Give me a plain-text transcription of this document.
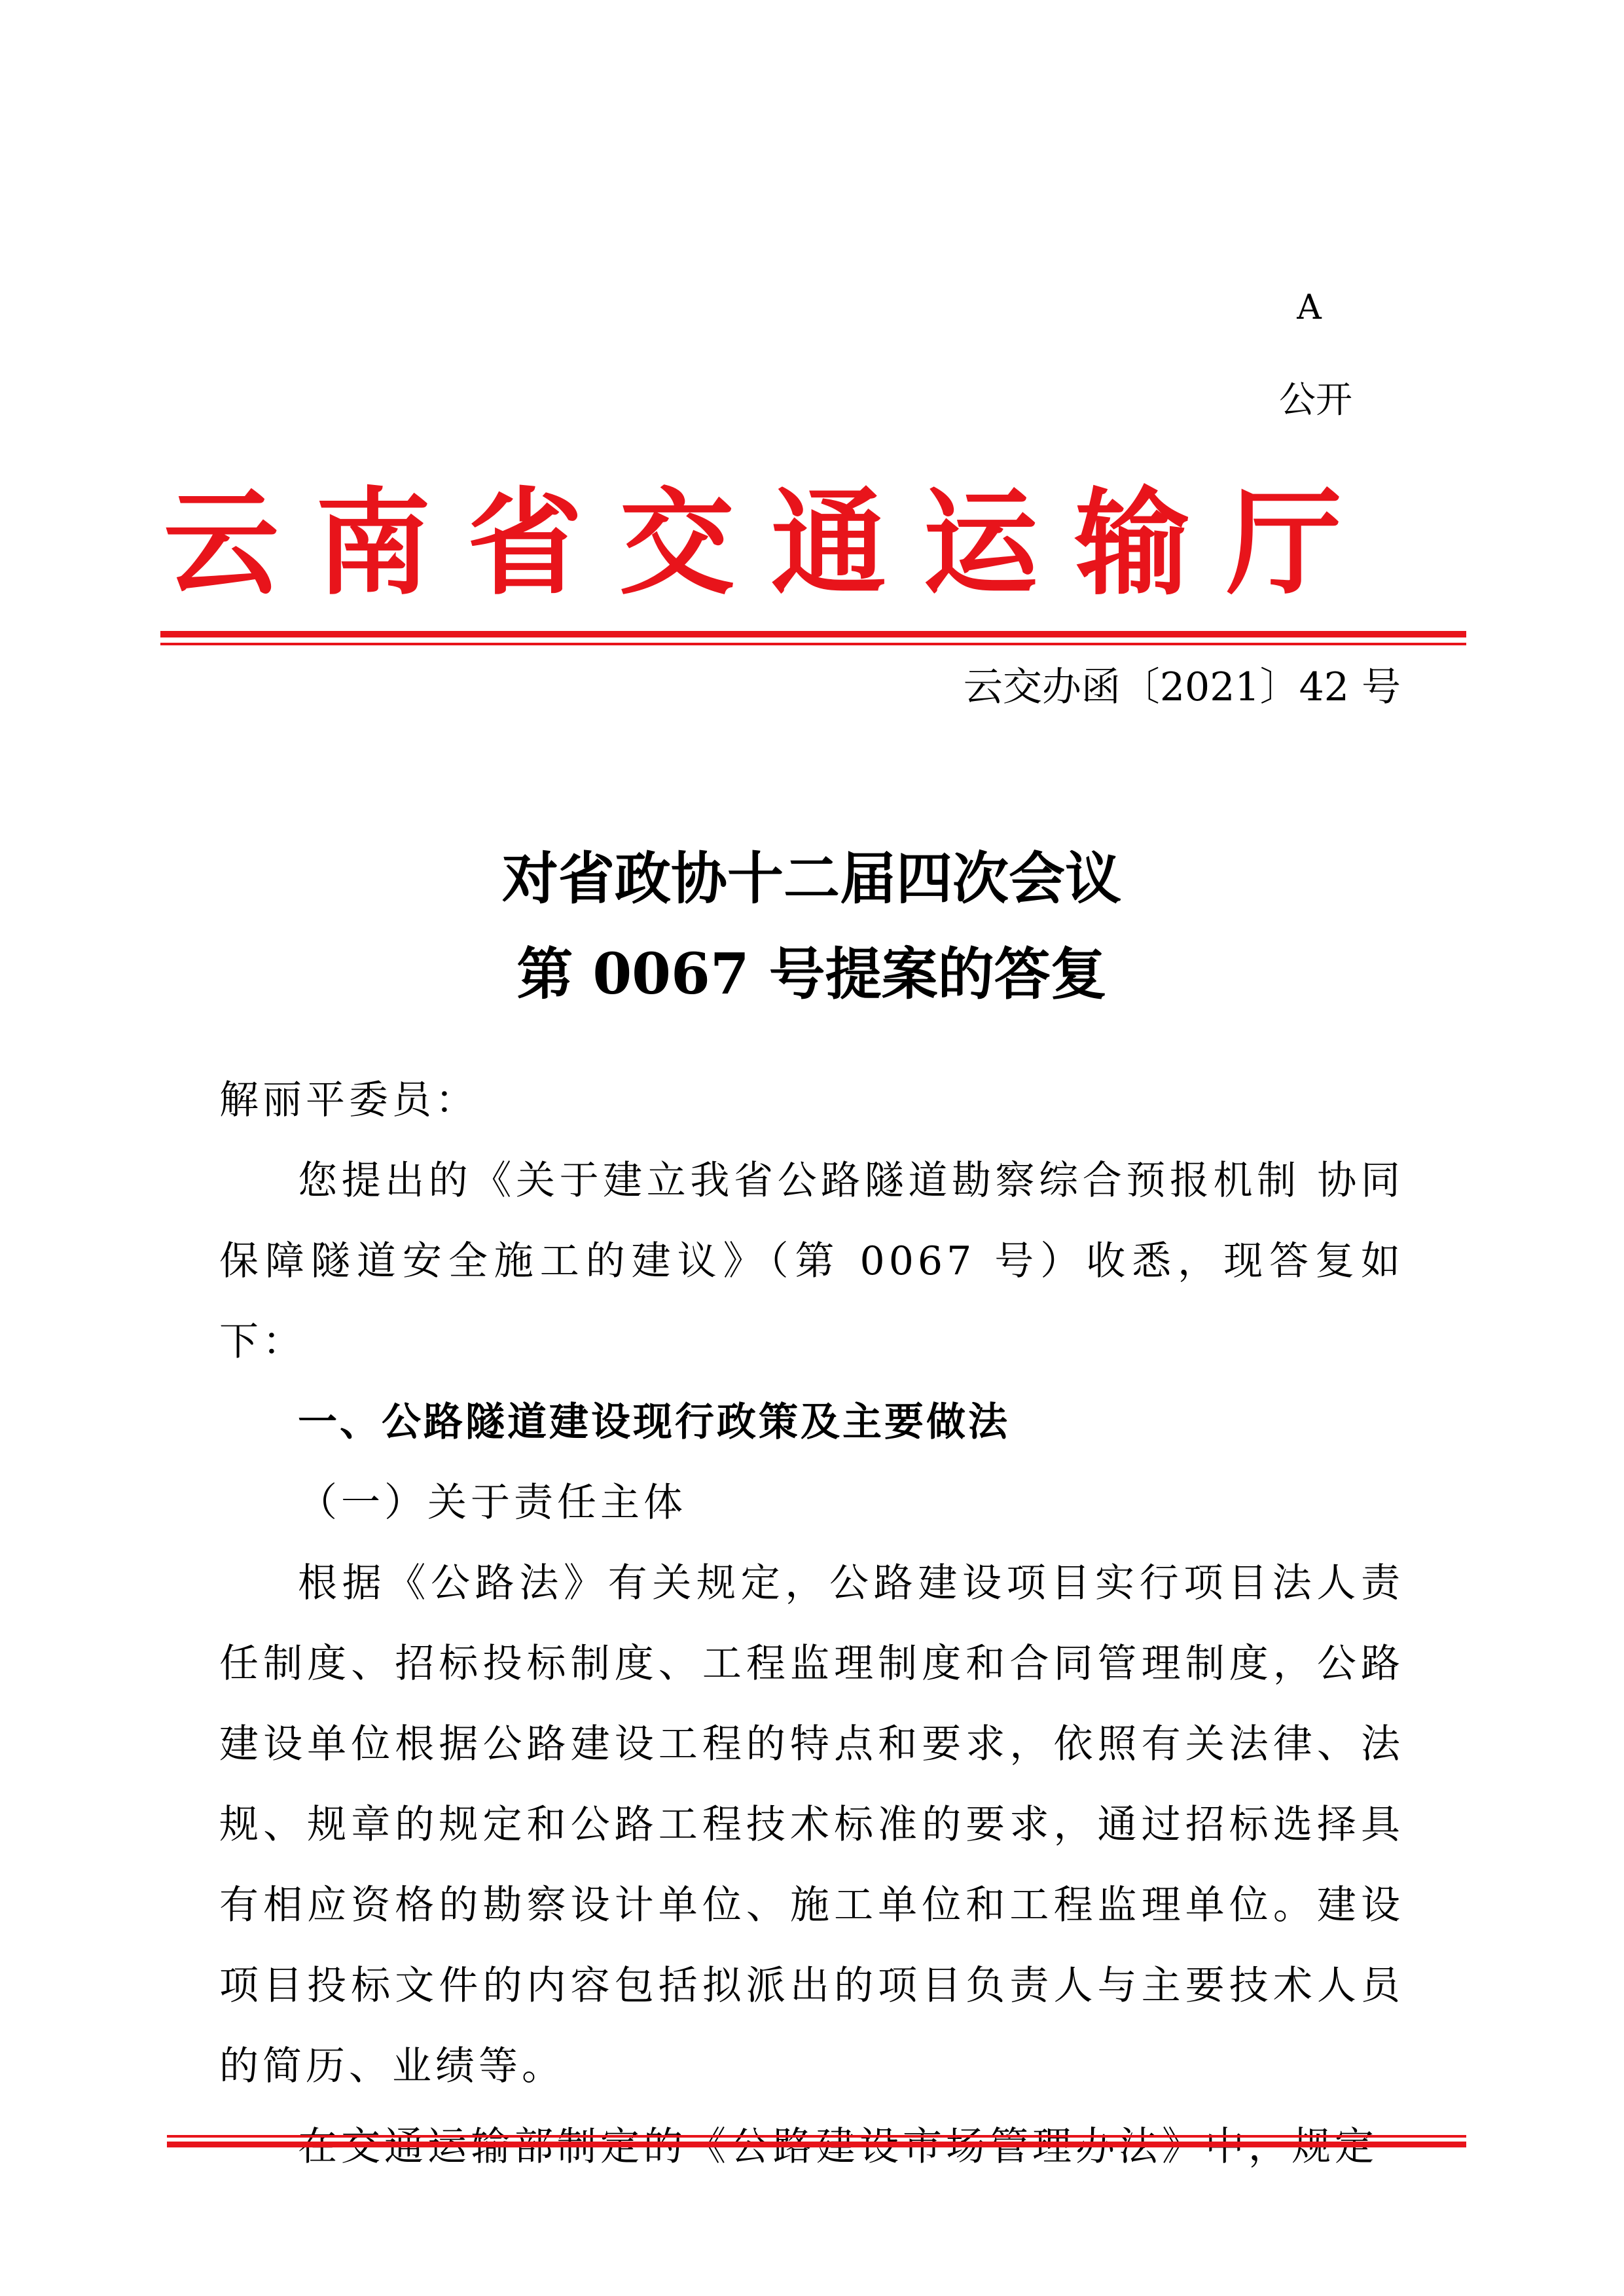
A
公开
云 南 省 交 通 运 输 厅
云交办函〔2021〕42 号
对省政协十二届四次会议
第 0067 号提案的答复

解丽平委员：

您提出的《关于建立我省公路隧道勘察综合预报机制 协同保障隧道安全施工的建议》（第 0067 号）收悉，现答复如下：

一、公路隧道建设现行政策及主要做法

（一）关于责任主体

根据《公路法》有关规定，公路建设项目实行项目法人责任制度、招标投标制度、工程监理制度和合同管理制度，公路建设单位根据公路建设工程的特点和要求，依照有关法律、法规、规章的规定和公路工程技术标准的要求，通过招标选择具有相应资格的勘察设计单位、施工单位和工程监理单位。建设项目投标文件的内容包括拟派出的项目负责人与主要技术人员的简历、业绩等。
